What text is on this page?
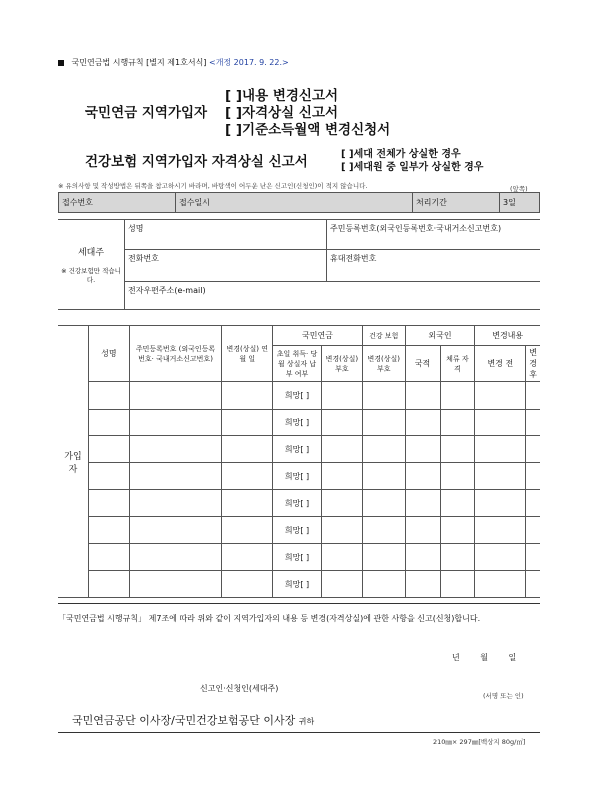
국민연금법 시행규칙 [별지 제1호서식] <개정 2017. 9. 22.>
국민연금 지역가입자
[ ]내용 변경신고서
[ ]자격상실 신고서
[ ]기준소득월액 변경신청서
건강보험 지역가입자 자격상실 신고서	[ ]세대 전체가 상실한 경우
[ ]세대원 중 일부가 상실한 경우
※ 유의사항 및 작성방법은 뒤쪽을 참고하시기 바라며, 바탕색이 어두운 난은 신고인(신청인)이 적지 않습니다.	(앞쪽)
접수번호	접수일시	처리기간	3일
세대주
※ 건강보험만 적습니다.	성명	주민등록번호(외국인등록번호·국내거소신고번호)
	전화번호	휴대전화번호
	전자우편주소(e-mail)	
가입자	성명	주민등록번호 (외국인등록번호· 국내거소신고번호)	변경(상실) 연 월 일	국민연금		건강 보험	외국인		변경내용	
				초일 취득· 당월 상실자 납부 여부	변경(상실) 부호	변경(상실) 부호	국적	체류 자격	변경 전	변경 후
				희망[ ]						
				희망[ ]						
				희망[ ]						
				희망[ ]						
				희망[ ]						
				희망[ ]						
				희망[ ]						
				희망[ ]						
「국민연금법 시행규칙」 제7조에 따라 위와 같이 지역가입자의 내용 등 변경(자격상실)에 관한 사항을 신고(신청)합니다.
년 월 일
신고인·신청인(세대주)
(서명 또는 인)
국민연금공단 이사장/국민건강보험공단 이사장 귀하
210㎜× 297㎜[백상지 80g/㎡]
